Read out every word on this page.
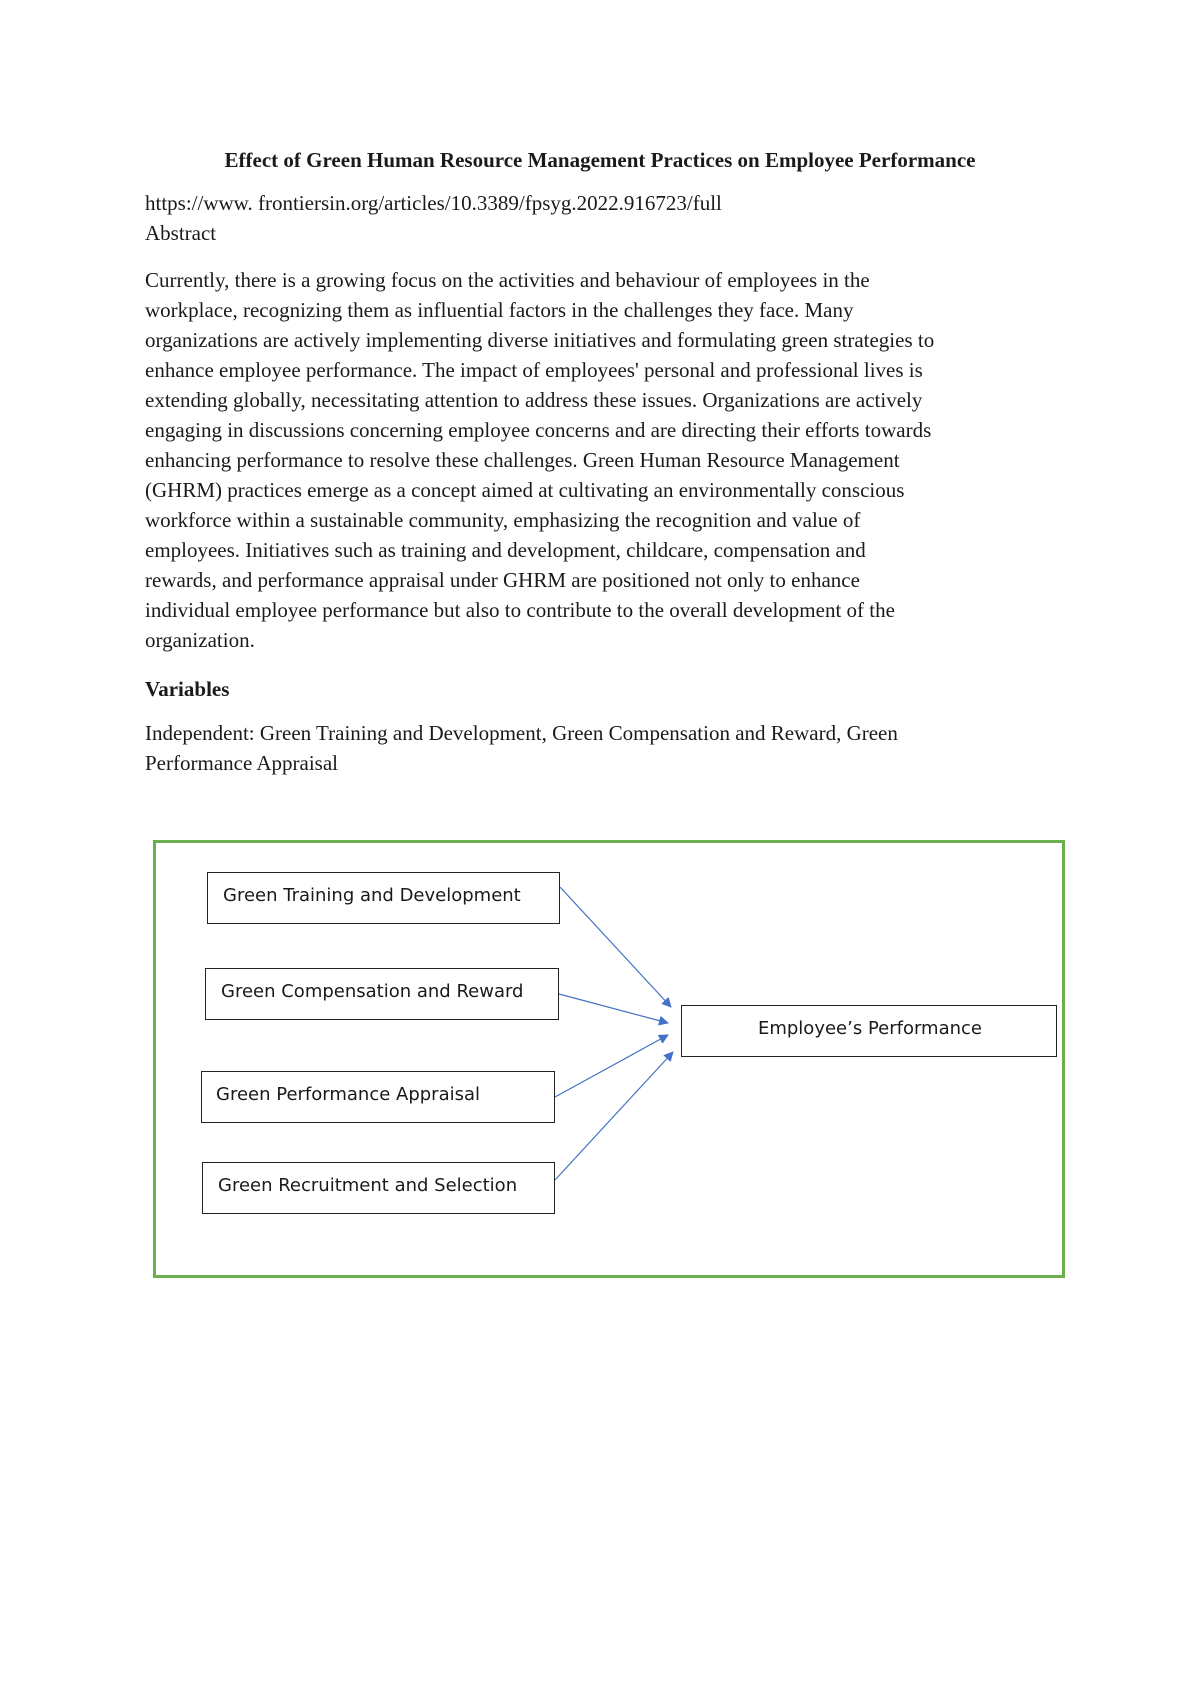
Effect of Green Human Resource Management Practices on Employee Performance

https://www. frontiersin.org/articles/10.3389/fpsyg.2022.916723/full

Abstract

Currently, there is a growing focus on the activities and behaviour of employees in the
workplace, recognizing them as influential factors in the challenges they face. Many
organizations are actively implementing diverse initiatives and formulating green strategies to
enhance employee performance. The impact of employees' personal and professional lives is
extending globally, necessitating attention to address these issues. Organizations are actively
engaging in discussions concerning employee concerns and are directing their efforts towards
enhancing performance to resolve these challenges. Green Human Resource Management
(GHRM) practices emerge as a concept aimed at cultivating an environmentally conscious
workforce within a sustainable community, emphasizing the recognition and value of
employees. Initiatives such as training and development, childcare, compensation and
rewards, and performance appraisal under GHRM are positioned not only to enhance
individual employee performance but also to contribute to the overall development of the
organization.

Variables

Independent: Green Training and Development, Green Compensation and Reward, Green
Performance Appraisal

Green Training and Development
Green Compensation and Reward
Green Performance Appraisal
Green Recruitment and Selection
Employee’s Performance
